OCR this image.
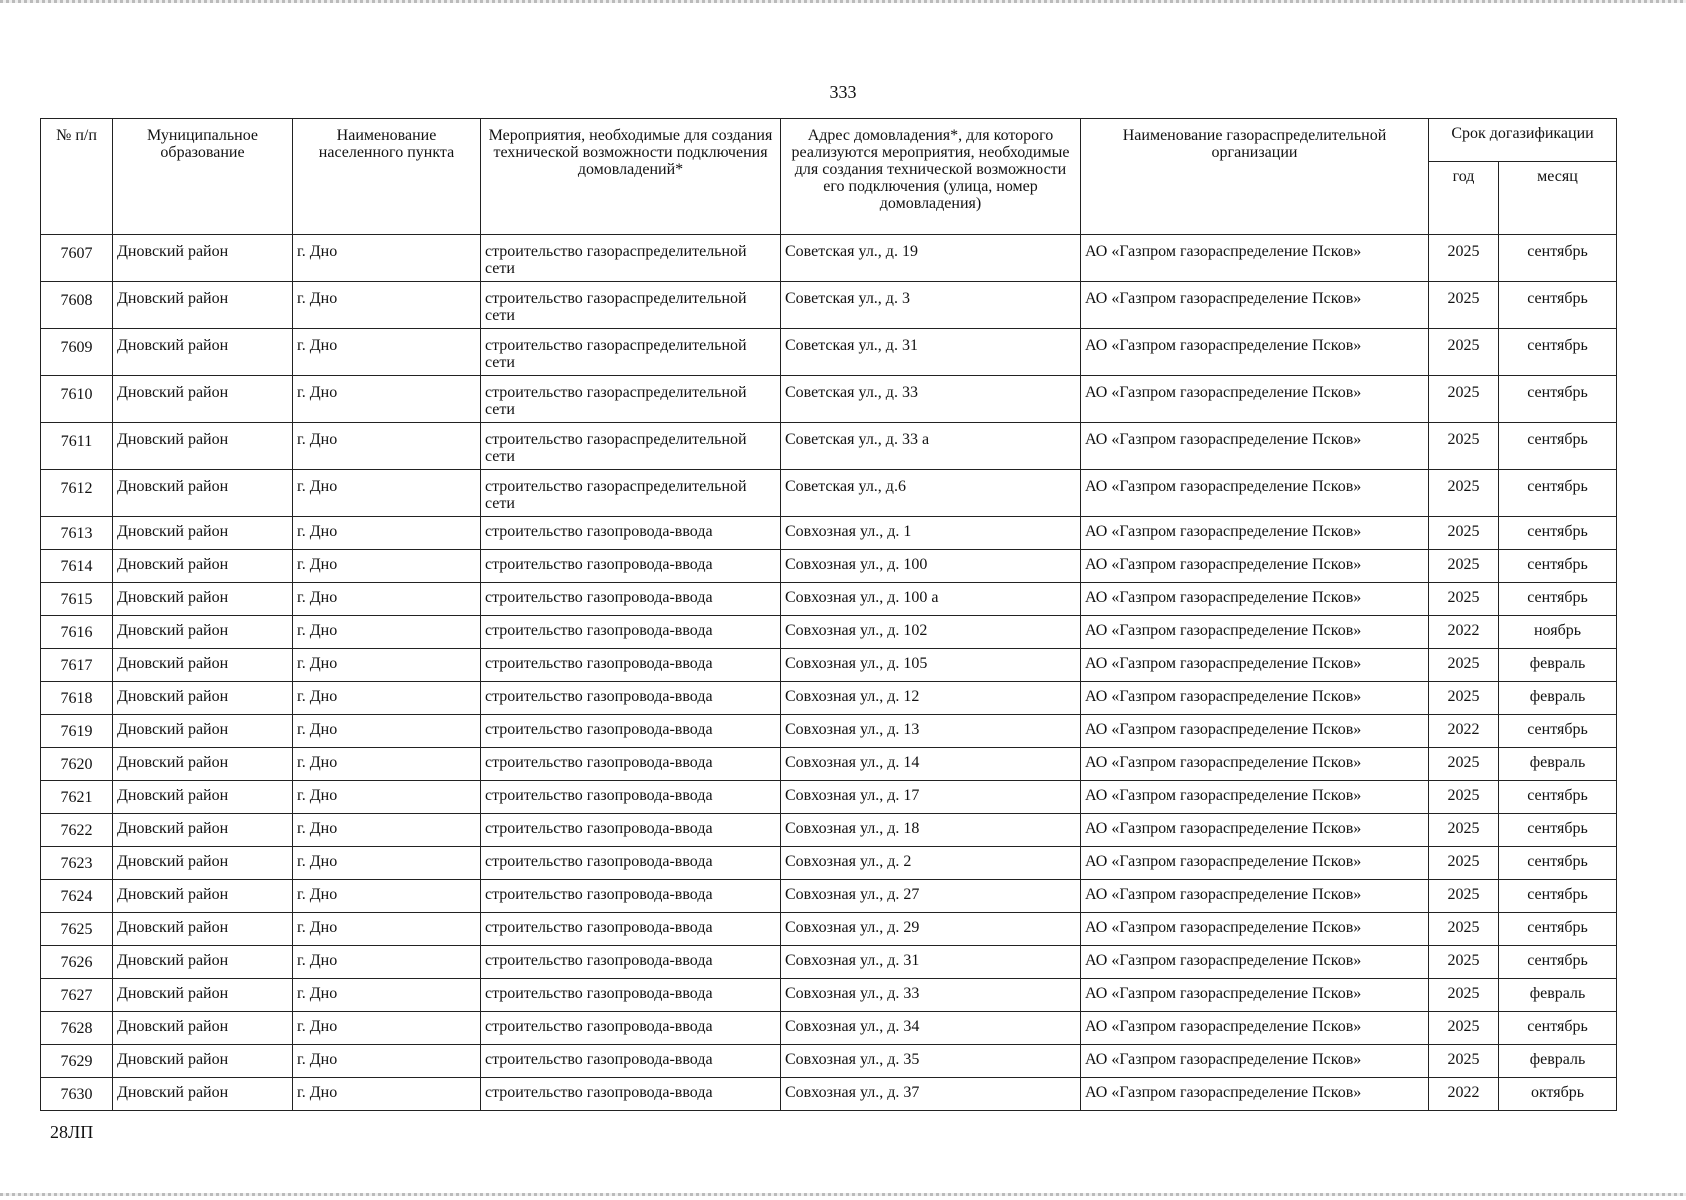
333
№ п/п	Муниципальное образование	Наименование населенного пункта	Мероприятия, необходимые для создания технической возможности подключения домовладений*	Адрес домовладения*, для которого реализуются мероприятия, необходимые для создания технической возможности его подключения (улица, номер домовладения)	Наименование газораспределительной организации	Срок догазификации	
						год	месяц
7607	Дновский район	г. Дно	строительство газораспределительной сети	Советская ул., д. 19	АО «Газпром газораспределение Псков»	2025	сентябрь
7608	Дновский район	г. Дно	строительство газораспределительной сети	Советская ул., д. 3	АО «Газпром газораспределение Псков»	2025	сентябрь
7609	Дновский район	г. Дно	строительство газораспределительной сети	Советская ул., д. 31	АО «Газпром газораспределение Псков»	2025	сентябрь
7610	Дновский район	г. Дно	строительство газораспределительной сети	Советская ул., д. 33	АО «Газпром газораспределение Псков»	2025	сентябрь
7611	Дновский район	г. Дно	строительство газораспределительной сети	Советская ул., д. 33 а	АО «Газпром газораспределение Псков»	2025	сентябрь
7612	Дновский район	г. Дно	строительство газораспределительной сети	Советская ул., д.6	АО «Газпром газораспределение Псков»	2025	сентябрь
7613	Дновский район	г. Дно	строительство газопровода-ввода	Совхозная ул., д. 1	АО «Газпром газораспределение Псков»	2025	сентябрь
7614	Дновский район	г. Дно	строительство газопровода-ввода	Совхозная ул., д. 100	АО «Газпром газораспределение Псков»	2025	сентябрь
7615	Дновский район	г. Дно	строительство газопровода-ввода	Совхозная ул., д. 100 а	АО «Газпром газораспределение Псков»	2025	сентябрь
7616	Дновский район	г. Дно	строительство газопровода-ввода	Совхозная ул., д. 102	АО «Газпром газораспределение Псков»	2022	ноябрь
7617	Дновский район	г. Дно	строительство газопровода-ввода	Совхозная ул., д. 105	АО «Газпром газораспределение Псков»	2025	февраль
7618	Дновский район	г. Дно	строительство газопровода-ввода	Совхозная ул., д. 12	АО «Газпром газораспределение Псков»	2025	февраль
7619	Дновский район	г. Дно	строительство газопровода-ввода	Совхозная ул., д. 13	АО «Газпром газораспределение Псков»	2022	сентябрь
7620	Дновский район	г. Дно	строительство газопровода-ввода	Совхозная ул., д. 14	АО «Газпром газораспределение Псков»	2025	февраль
7621	Дновский район	г. Дно	строительство газопровода-ввода	Совхозная ул., д. 17	АО «Газпром газораспределение Псков»	2025	сентябрь
7622	Дновский район	г. Дно	строительство газопровода-ввода	Совхозная ул., д. 18	АО «Газпром газораспределение Псков»	2025	сентябрь
7623	Дновский район	г. Дно	строительство газопровода-ввода	Совхозная ул., д. 2	АО «Газпром газораспределение Псков»	2025	сентябрь
7624	Дновский район	г. Дно	строительство газопровода-ввода	Совхозная ул., д. 27	АО «Газпром газораспределение Псков»	2025	сентябрь
7625	Дновский район	г. Дно	строительство газопровода-ввода	Совхозная ул., д. 29	АО «Газпром газораспределение Псков»	2025	сентябрь
7626	Дновский район	г. Дно	строительство газопровода-ввода	Совхозная ул., д. 31	АО «Газпром газораспределение Псков»	2025	сентябрь
7627	Дновский район	г. Дно	строительство газопровода-ввода	Совхозная ул., д. 33	АО «Газпром газораспределение Псков»	2025	февраль
7628	Дновский район	г. Дно	строительство газопровода-ввода	Совхозная ул., д. 34	АО «Газпром газораспределение Псков»	2025	сентябрь
7629	Дновский район	г. Дно	строительство газопровода-ввода	Совхозная ул., д. 35	АО «Газпром газораспределение Псков»	2025	февраль
7630	Дновский район	г. Дно	строительство газопровода-ввода	Совхозная ул., д. 37	АО «Газпром газораспределение Псков»	2022	октябрь
28ЛП
